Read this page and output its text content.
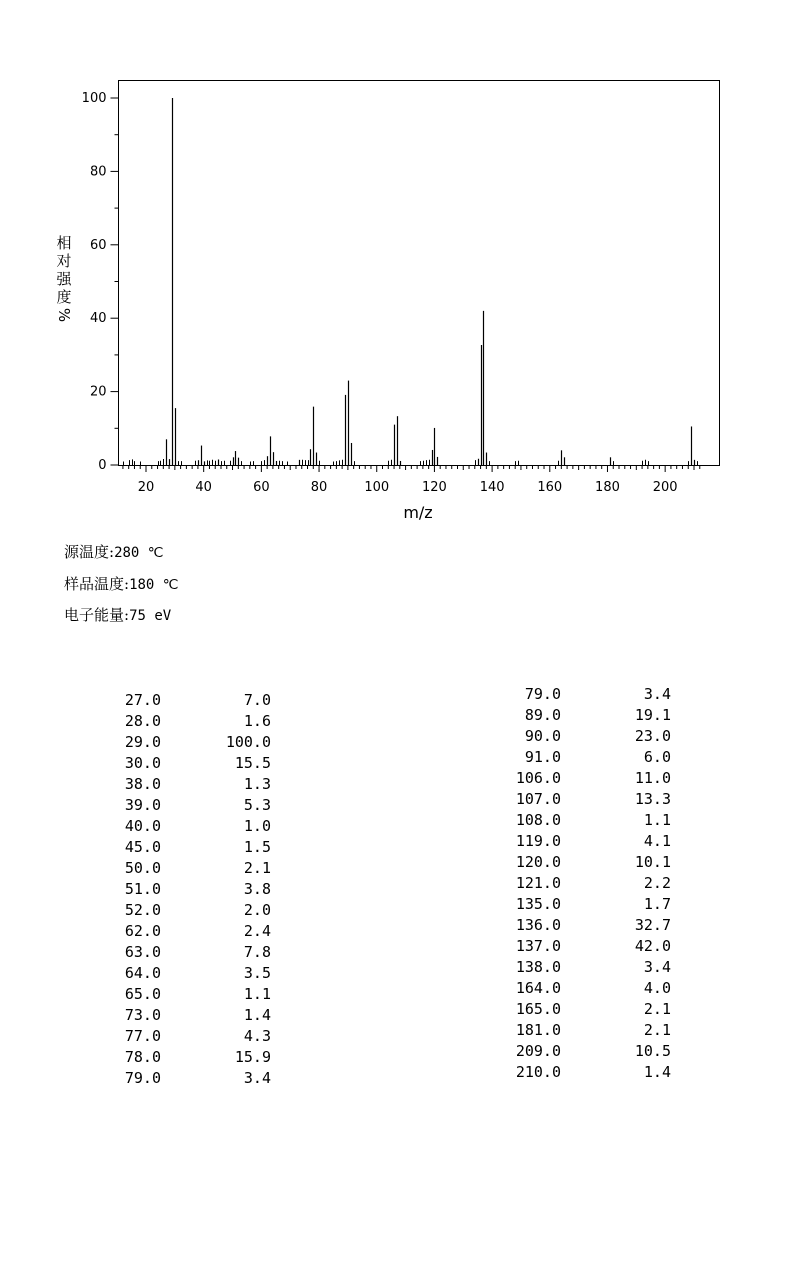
0
20
40
60
80
100
20	40	60	80	100	120	140	160	180	200
m/z
相
对
强
度
%
源温度:280 ℃
样品温度:180 ℃
电子能量:75 eV
27.0	7.0
28.0	1.6
29.0	100.0
30.0	15.5
38.0	1.3
39.0	5.3
40.0	1.0
45.0	1.5
50.0	2.1
51.0	3.8
52.0	2.0
62.0	2.4
63.0	7.8
64.0	3.5
65.0	1.1
73.0	1.4
77.0	4.3
78.0	15.9
79.0	3.4
79.0	3.4
89.0	19.1
90.0	23.0
91.0	6.0
106.0	11.0
107.0	13.3
108.0	1.1
119.0	4.1
120.0	10.1
121.0	2.2
135.0	1.7
136.0	32.7
137.0	42.0
138.0	3.4
164.0	4.0
165.0	2.1
181.0	2.1
209.0	10.5
210.0	1.4
